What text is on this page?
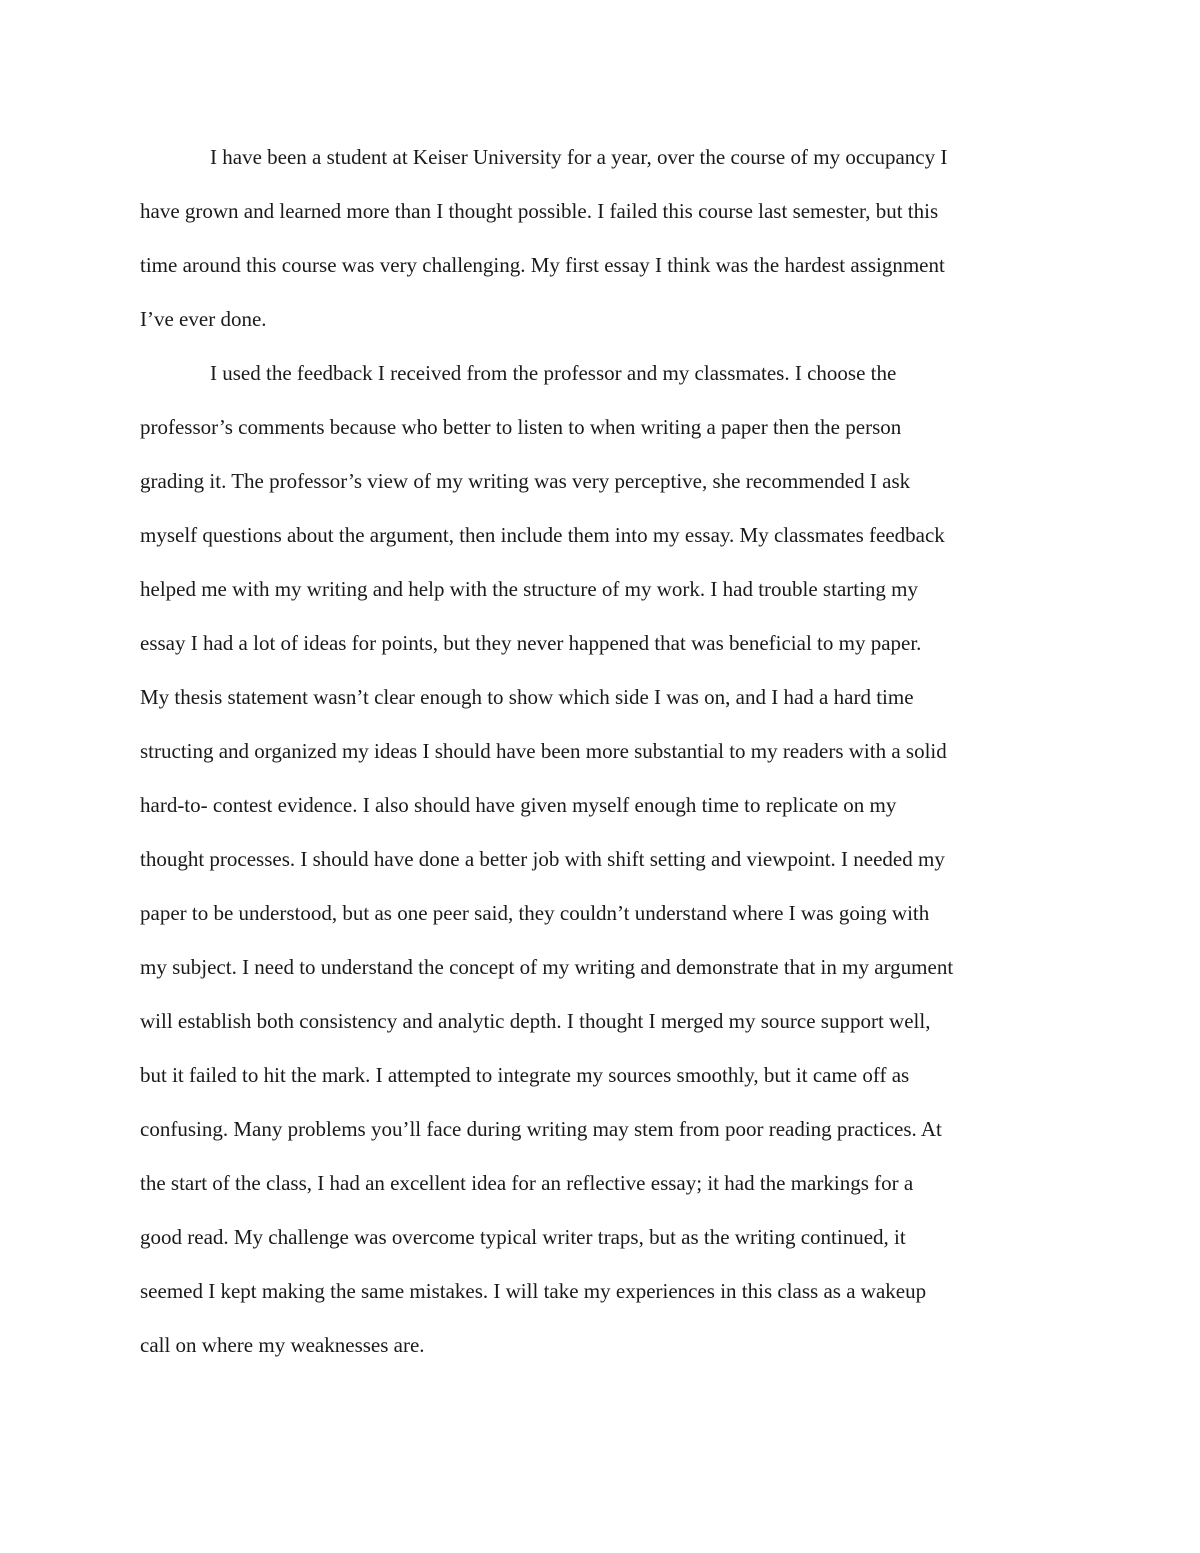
I have been a student at Keiser University for a year, over the course of my occupancy I
have grown and learned more than I thought possible. I failed this course last semester, but this
time around this course was very challenging. My first essay I think was the hardest assignment
I’ve ever done.
I used the feedback I received from the professor and my classmates. I choose the
professor’s comments because who better to listen to when writing a paper then the person
grading it. The professor’s view of my writing was very perceptive, she recommended I ask
myself questions about the argument, then include them into my essay. My classmates feedback
helped me with my writing and help with the structure of my work. I had trouble starting my
essay I had a lot of ideas for points, but they never happened that was beneficial to my paper.
My thesis statement wasn’t clear enough to show which side I was on, and I had a hard time
structing and organized my ideas I should have been more substantial to my readers with a solid
hard-to- contest evidence. I also should have given myself enough time to replicate on my
thought processes. I should have done a better job with shift setting and viewpoint. I needed my
paper to be understood, but as one peer said, they couldn’t understand where I was going with
my subject. I need to understand the concept of my writing and demonstrate that in my argument
will establish both consistency and analytic depth. I thought I merged my source support well,
but it failed to hit the mark. I attempted to integrate my sources smoothly, but it came off as
confusing. Many problems you’ll face during writing may stem from poor reading practices. At
the start of the class, I had an excellent idea for an reflective essay; it had the markings for a
good read. My challenge was overcome typical writer traps, but as the writing continued, it
seemed I kept making the same mistakes. I will take my experiences in this class as a wakeup
call on where my weaknesses are.
